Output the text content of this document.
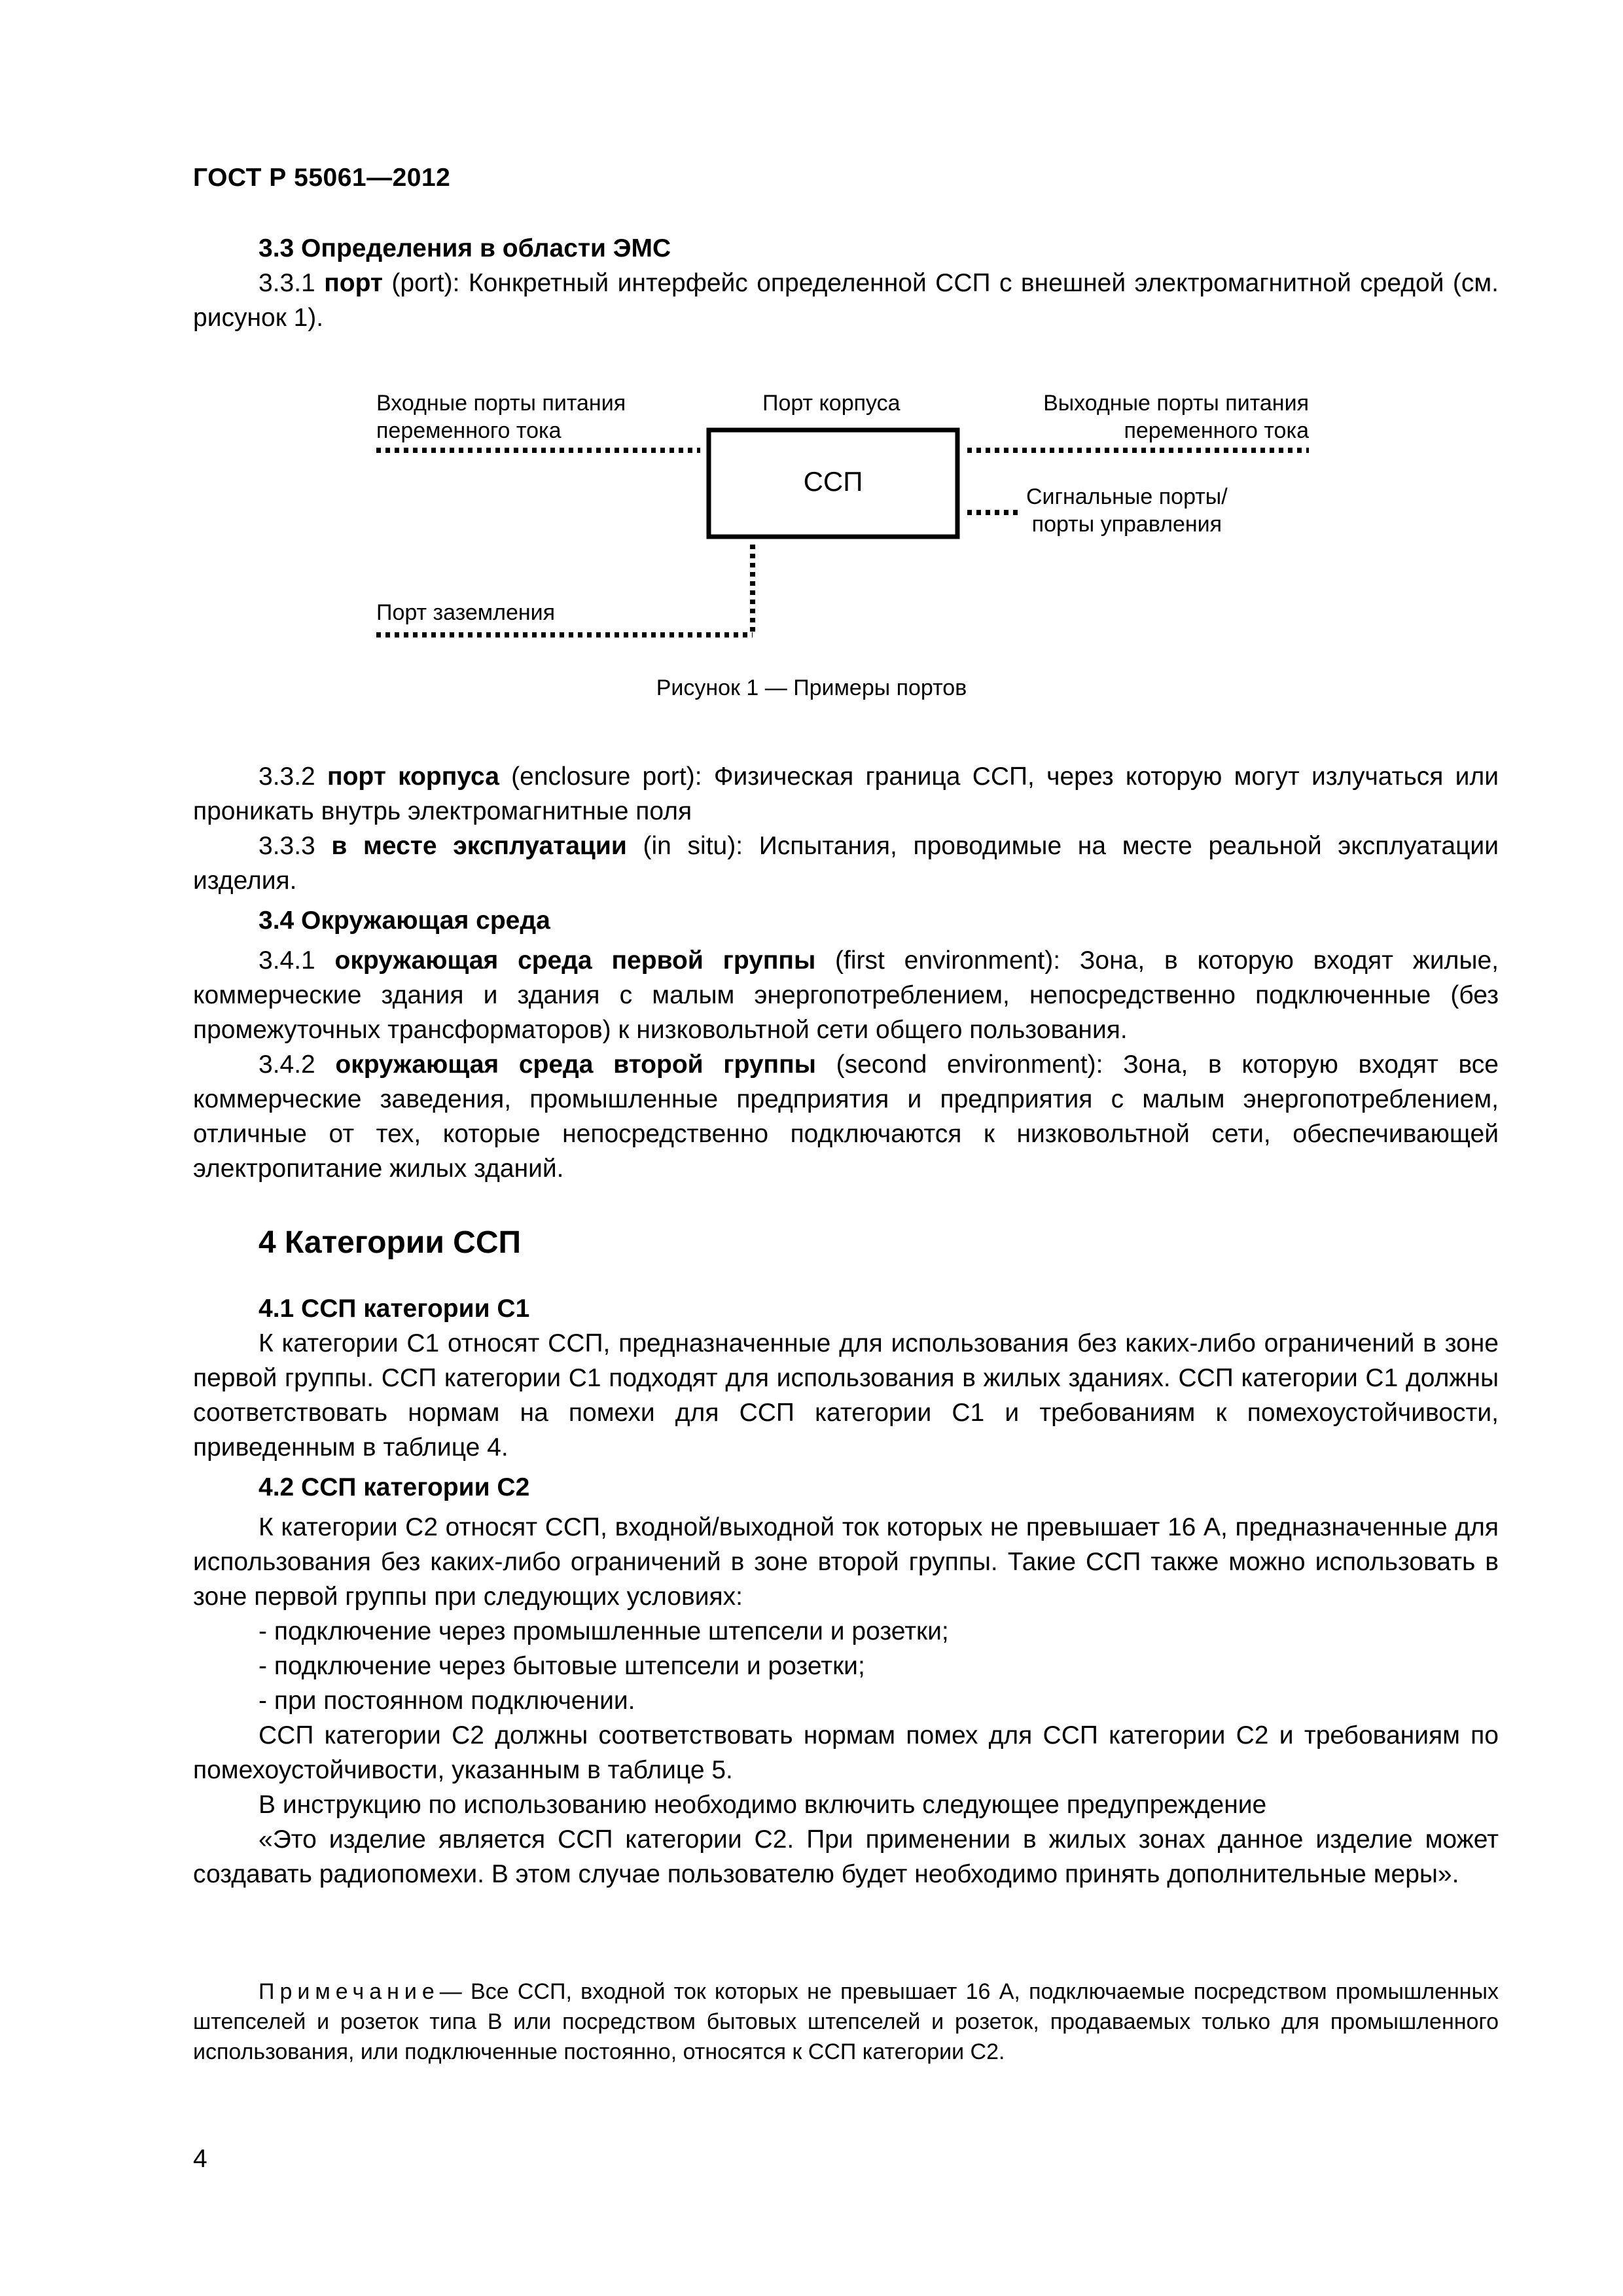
ГОСТ Р 55061—2012

3.3 Определения в области ЭМС

3.3.1 порт (port): Конкретный интерфейс определенной ССП с внешней электромагнитной средой (см. рисунок 1).

Входные порты питания
переменного тока
Порт корпуса	Выходные порты питания
переменного тока
ССП	Сигнальные порты/
порты управления
Порт заземления
Рисунок 1 — Примеры портов

3.3.2 порт корпуса (enclosure port): Физическая граница ССП, через которую могут излучаться или проникать внутрь электромагнитные поля

3.3.3 в месте эксплуатации (in situ): Испытания, проводимые на месте реальной эксплуатации изделия.

3.4 Окружающая среда

3.4.1 окружающая среда первой группы (first environment): Зона, в которую входят жилые, коммерческие здания и здания с малым энергопотреблением, непосредственно подключенные (без промежуточных трансформаторов) к низковольтной сети общего пользования.

3.4.2 окружающая среда второй группы (second environment): Зона, в которую входят все коммерческие заведения, промышленные предприятия и предприятия с малым энергопотреблением, отличные от тех, которые непосредственно подключаются к низковольтной сети, обеспечивающей электропитание жилых зданий.

4 Категории ССП

4.1 ССП категории С1

К категории С1 относят ССП, предназначенные для использования без каких-либо ограничений в зоне первой группы. ССП категории С1 подходят для использования в жилых зданиях. ССП категории С1 должны соответствовать нормам на помехи для ССП категории С1 и требованиям к помехоустойчивости, приведенным в таблице 4.

4.2 ССП категории С2

К категории С2 относят ССП, входной/выходной ток которых не превышает 16 А, предназначенные для использования без каких-либо ограничений в зоне второй группы. Такие ССП также можно использовать в зоне первой группы при следующих условиях:

- подключение через промышленные штепсели и розетки;

- подключение через бытовые штепсели и розетки;

- при постоянном подключении.

ССП категории С2 должны соответствовать нормам помех для ССП категории С2 и требованиям по помехоустойчивости, указанным в таблице 5.

В инструкцию по использованию необходимо включить следующее предупреждение

«Это изделие является ССП категории С2. При применении в жилых зонах данное изделие может создавать радиопомехи. В этом случае пользователю будет необходимо принять дополнительные меры».

Примечание— Все ССП, входной ток которых не превышает 16 А, подключаемые посредством промышленных штепселей и розеток типа В или посредством бытовых штепселей и розеток, продаваемых только для промышленного использования, или подключенные постоянно, относятся к ССП категории С2.

4
